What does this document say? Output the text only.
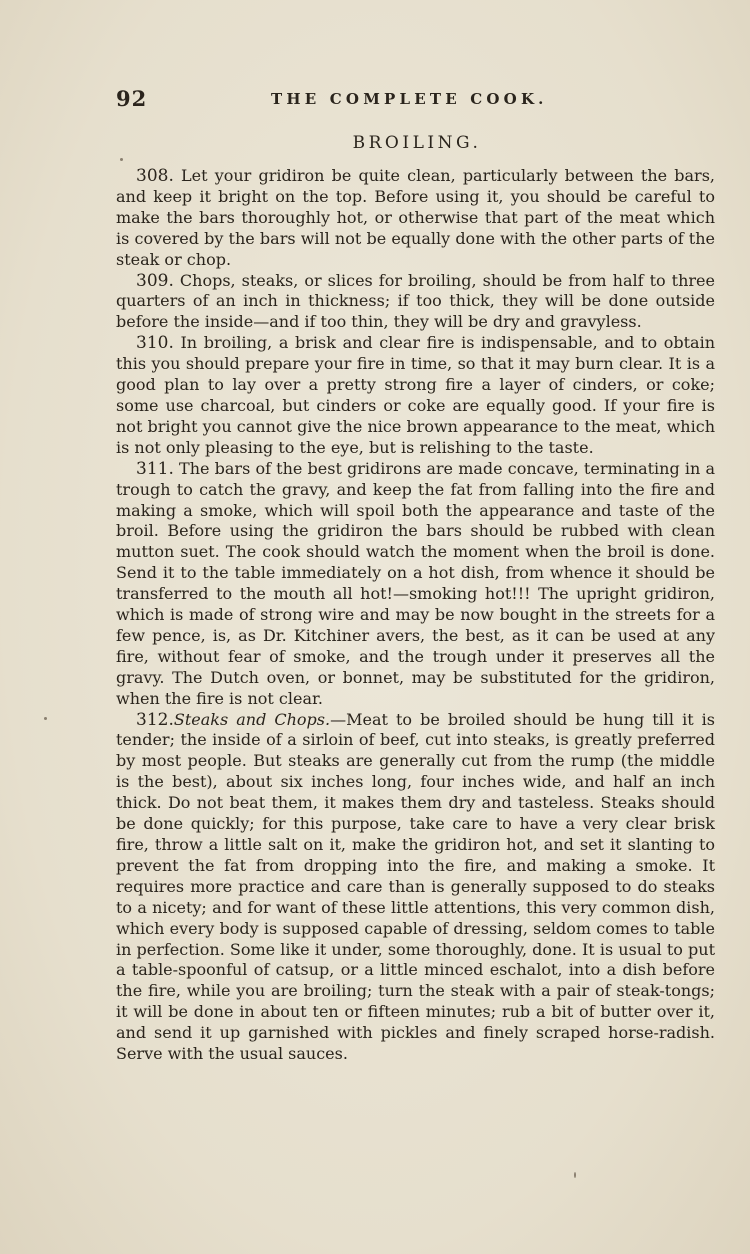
92	THE COMPLETE COOK.
BROILING.

308. Let your gridiron be quite clean, particularly between the bars, and keep it bright on the top. Before using it, you should be careful to make the bars thoroughly hot, or otherwise that part of the meat which is covered by the bars will not be equally done with the other parts of the steak or chop.

309. Chops, steaks, or slices for broiling, should be from half to three quarters of an inch in thickness; if too thick, they will be done outside before the inside—and if too thin, they will be dry and gravyless.

310. In broiling, a brisk and clear fire is indispensable, and to obtain this you should prepare your fire in time, so that it may burn clear. It is a good plan to lay over a pretty strong fire a layer of cinders, or coke; some use charcoal, but cinders or coke are equally good. If your fire is not bright you cannot give the nice brown appearance to the meat, which is not only pleasing to the eye, but is relishing to the taste.

311. The bars of the best gridirons are made concave, terminating in a trough to catch the gravy, and keep the fat from falling into the fire and making a smoke, which will spoil both the appearance and taste of the broil. Before using the gridiron the bars should be rubbed with clean mutton suet. The cook should watch the moment when the broil is done. Send it to the table immediately on a hot dish, from whence it should be transferred to the mouth all hot!—smoking hot!!! The upright gridiron, which is made of strong wire and may be now bought in the streets for a few pence, is, as Dr. Kitchiner avers, the best, as it can be used at any fire, without fear of smoke, and the trough under it preserves all the gravy. The Dutch oven, or bonnet, may be substituted for the gridiron, when the fire is not clear.

312.Steaks and Chops.—Meat to be broiled should be hung till it is tender; the inside of a sirloin of beef, cut into steaks, is greatly preferred by most people. But steaks are generally cut from the rump (the middle is the best), about six inches long, four inches wide, and half an inch thick. Do not beat them, it makes them dry and tasteless. Steaks should be done quickly; for this purpose, take care to have a very clear brisk fire, throw a little salt on it, make the gridiron hot, and set it slanting to prevent the fat from dropping into the fire, and making a smoke. It requires more practice and care than is generally supposed to do steaks to a nicety; and for want of these little attentions, this very common dish, which every body is supposed capable of dressing, seldom comes to table in perfection. Some like it under, some thoroughly, done. It is usual to put a table-spoonful of catsup, or a little minced eschalot, into a dish before the fire, while you are broiling; turn the steak with a pair of steak-tongs; it will be done in about ten or fifteen minutes; rub a bit of butter over it, and send it up garnished with pickles and finely scraped horse-radish. Serve with the usual sauces.
